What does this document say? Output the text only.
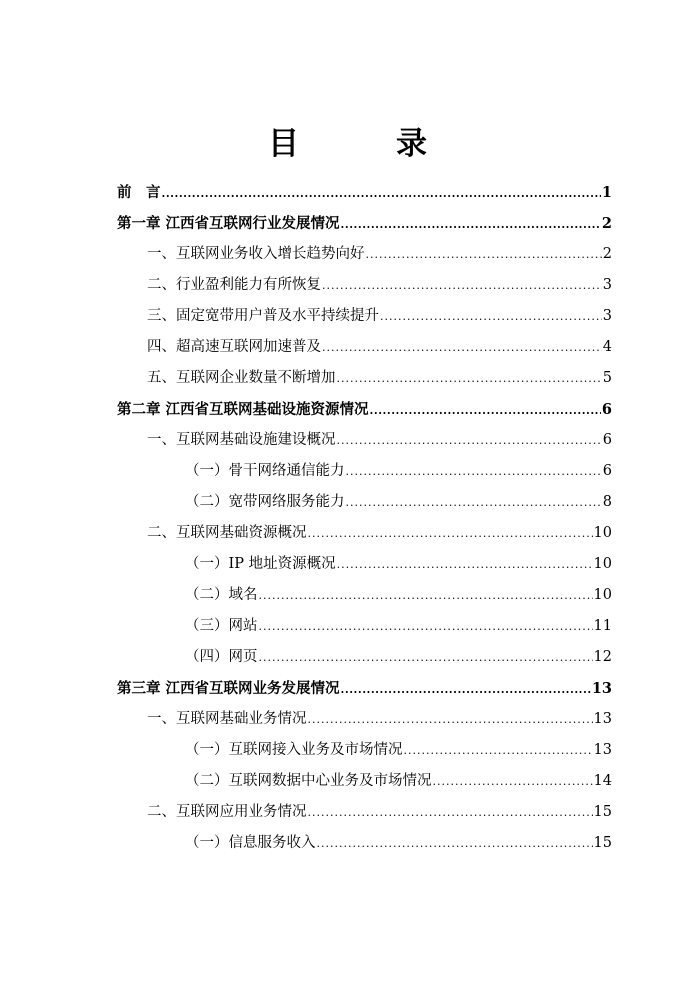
目　录
前　言 .....	1
第一章 江西省互联网行业发展情况 .....	2
一、互联网业务收入增长趋势向好 .....	2
二、行业盈利能力有所恢复 .....	3
三、固定宽带用户普及水平持续提升 .....	3
四、超高速互联网加速普及 .....	4
五、互联网企业数量不断增加 .....	5
第二章 江西省互联网基础设施资源情况 .....	6
一、互联网基础设施建设概况 .....	6
（一）骨干网络通信能力 .....	6
（二）宽带网络服务能力 .....	8
二、互联网基础资源概况 .....	10
（一）IP 地址资源概况 .....	10
（二）域名 .....	10
（三）网站 .....	11
（四）网页 .....	12
第三章 江西省互联网业务发展情况 .....	13
一、互联网基础业务情况 .....	13
（一）互联网接入业务及市场情况 .....	13
（二）互联网数据中心业务及市场情况 .....	14
二、互联网应用业务情况 .....	15
（一）信息服务收入 .....	15
